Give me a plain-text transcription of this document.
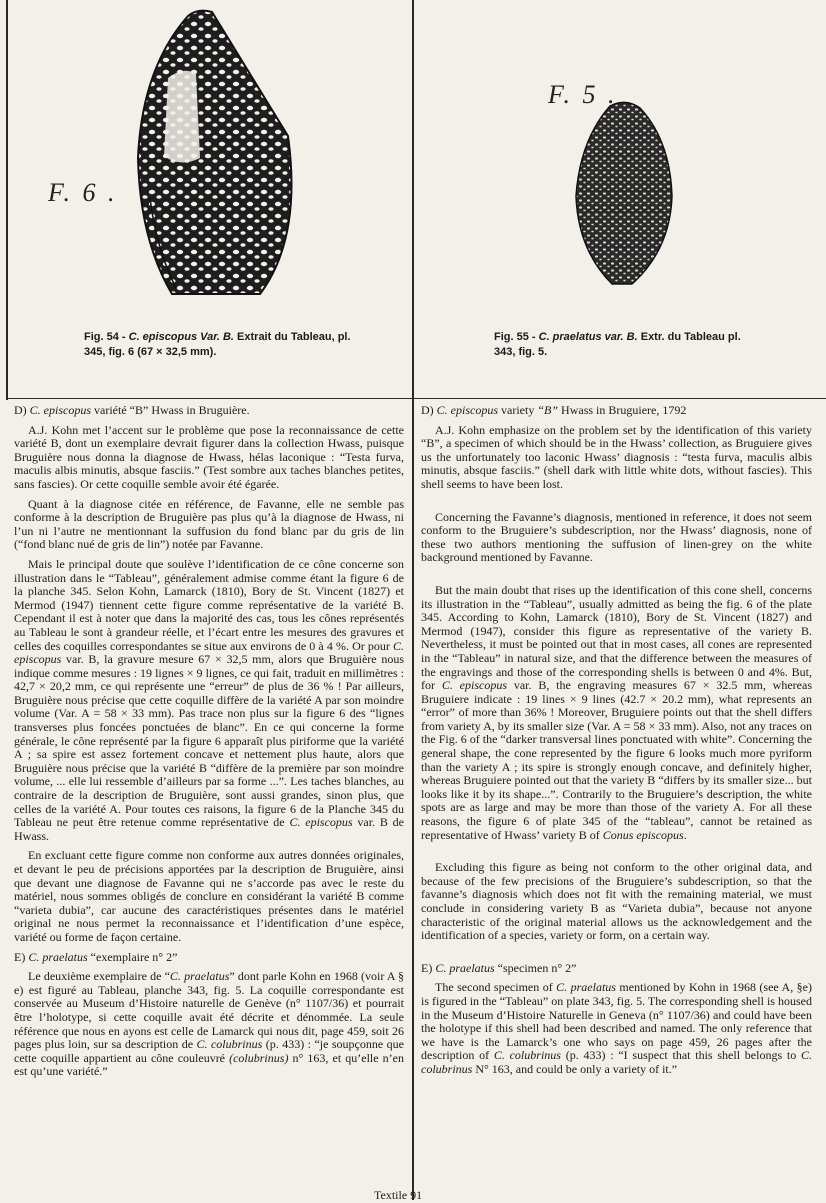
F. 6 .
Fig. 54 - C. episcopus Var. B. Extrait du Tableau, pl. 345, fig. 6 (67 × 32,5 mm).
F. 5 .
Fig. 55 - C. praelatus var. B. Extr. du Tableau pl. 343, fig. 5.
D) C. episcopus variété “B” Hwass in Bruguière.

A.J. Kohn met l’accent sur le problème que pose la reconnaissance de cette variété B, dont un exemplaire devrait figurer dans la collection Hwass, puisque Bruguière nous donna la diagnose de Hwass, hélas laconique : “Testa furva, maculis albis minutis, absque fasciis.” (Test sombre aux taches blanches petites, sans fascies). Or cette coquille semble avoir été égarée.

Quant à la diagnose citée en référence, de Favanne, elle ne semble pas conforme à la description de Bruguière pas plus qu’à la diagnose de Hwass, ni l’un ni l’autre ne mentionnant la suffusion du fond blanc par du gris de lin (“fond blanc nué de gris de lin”) notée par Favanne.

Mais le principal doute que soulève l’identification de ce cône concerne son illustration dans le “Tableau”, généralement admise comme étant la figure 6 de la planche 345. Selon Kohn, Lamarck (1810), Bory de St. Vincent (1827) et Mermod (1947) tiennent cette figure comme représentative de la variété B. Cependant il est à noter que dans la majorité des cas, tous les cônes représentés au Tableau le sont à grandeur réelle, et l’écart entre les mesures des gravures et celles des coquilles correspondantes se situe aux environs de 0 à 4 %. Or pour C. episcopus var. B, la gravure mesure 67 × 32,5 mm, alors que Bruguière nous indique comme mesures : 19 lignes × 9 lignes, ce qui fait, traduit en millimètres : 42,7 × 20,2 mm, ce qui représente une “erreur” de plus de 36 % ! Par ailleurs, Bruguière nous précise que cette coquille diffère de la variété A par son moindre volume (Var. A = 58 × 33 mm). Pas trace non plus sur la figure 6 des “lignes transverses plus foncées ponctuées de blanc”. En ce qui concerne la forme générale, le cône représenté par la figure 6 apparaît plus piriforme que la variété A ; sa spire est assez fortement concave et nettement plus haute, alors que Bruguière nous précise que la variété B “diffère de la première par son moindre volume, ... elle lui ressemble d’ailleurs par sa forme ...”. Les taches blanches, au contraire de la description de Bruguière, sont aussi grandes, sinon plus, que celles de la variété A. Pour toutes ces raisons, la figure 6 de la Planche 345 du Tableau ne peut être retenue comme représentative de C. episcopus var. B de Hwass.

En excluant cette figure comme non conforme aux autres données originales, et devant le peu de précisions apportées par la description de Bruguière, ainsi que devant une diagnose de Favanne qui ne s’accorde pas avec le reste du matériel, nous sommes obligés de conclure en considérant la variété B comme “varieta dubia”, car aucune des caractéristiques présentes dans le matériel original ne nous permet la reconnaissance et l’identification d’une espèce, variété ou forme de façon certaine.

E) C. praelatus “exemplaire n° 2”

Le deuxième exemplaire de “C. praelatus” dont parle Kohn en 1968 (voir A § e) est figuré au Tableau, planche 343, fig. 5. La coquille correspondante est conservée au Museum d’Histoire naturelle de Genève (n° 1107/36) et pourrait être l’holotype, si cette coquille avait été décrite et dénommée. La seule référence que nous en ayons est celle de Lamarck qui nous dit, page 459, soit 26 pages plus loin, sur sa description de C. colubrinus (p. 433) : “je soupçonne que cette coquille appartient au cône couleuvré (colubrinus) n° 163, et qu’elle n’en est qu’une variété.”

D) C. episcopus variety “B” Hwass in Bruguiere, 1792

A.J. Kohn emphasize on the problem set by the identification of this variety “B”, a specimen of which should be in the Hwass’ collection, as Bruguiere gives us the unfortunately too laconic Hwass’ diagnosis : “testa furva, maculis albis minutis, absque fasciis.” (shell dark with little white dots, without fascies). This shell seems to have been lost.

Concerning the Favanne’s diagnosis, mentioned in reference, it does not seem conform to the Bruguiere’s subdescription, nor the Hwass’ diagnosis, none of these two authors mentioning the suffusion of linen-grey on the white background mentioned by Favanne.

But the main doubt that rises up the identification of this cone shell, concerns its illustration in the “Tableau”, usually admitted as being the fig. 6 of the plate 345. According to Kohn, Lamarck (1810), Bory de St. Vincent (1827) and Mermod (1947), consider this figure as representative of the variety B. Nevertheless, it must be pointed out that in most cases, all cones are represented in the “Tableau” in natural size, and that the difference between the measures of the engravings and those of the corresponding shells is between 0 and 4%. But, for C. episcopus var. B, the engraving measures 67 × 32.5 mm, whereas Bruguiere indicate : 19 lines × 9 lines (42.7 × 20.2 mm), what represents an “error” of more than 36% ! Moreover, Bruguiere points out that the shell differs from variety A, by its smaller size (Var. A = 58 × 33 mm). Also, not any traces on the Fig. 6 of the “darker transversal lines ponctuated with white”. Concerning the general shape, the cone represented by the figure 6 looks much more pyriform than the variety A ; its spire is strongly enough concave, and definitely higher, whereas Bruguiere pointed out that the variety B “differs by its smaller size... but looks like it by its shape...”. Contrarily to the Bruguiere’s description, the white spots are as large and may be more than those of the variety A. For all these reasons, the figure 6 of plate 345 of the “tableau”, cannot be retained as representative of Hwass’ variety B of Conus episcopus.

Excluding this figure as being not conform to the other original data, and because of the few precisions of the Bruguiere’s subdescription, so that the favanne’s diagnosis which does not fit with the remaining material, we must conclude in considering variety B as “Varieta dubia”, because not anyone characteristic of the original material allows us the acknowledgement and the identification of a species, variety or form, on a certain way.

E) C. praelatus “specimen n° 2”

The second specimen of C. praelatus mentioned by Kohn in 1968 (see A, §e) is figured in the “Tableau” on plate 343, fig. 5. The corresponding shell is housed in the Museum d’Histoire Naturelle in Geneva (n° 1107/36) and could have been the holotype if this shell had been described and named. The only reference that we have is the Lamarck’s one who says on page 459, 26 pages after the description of C. colubrinus (p. 433) : “I suspect that this shell belongs to C. colubrinus N° 163, and could be only a variety of it.”

Textile 91
